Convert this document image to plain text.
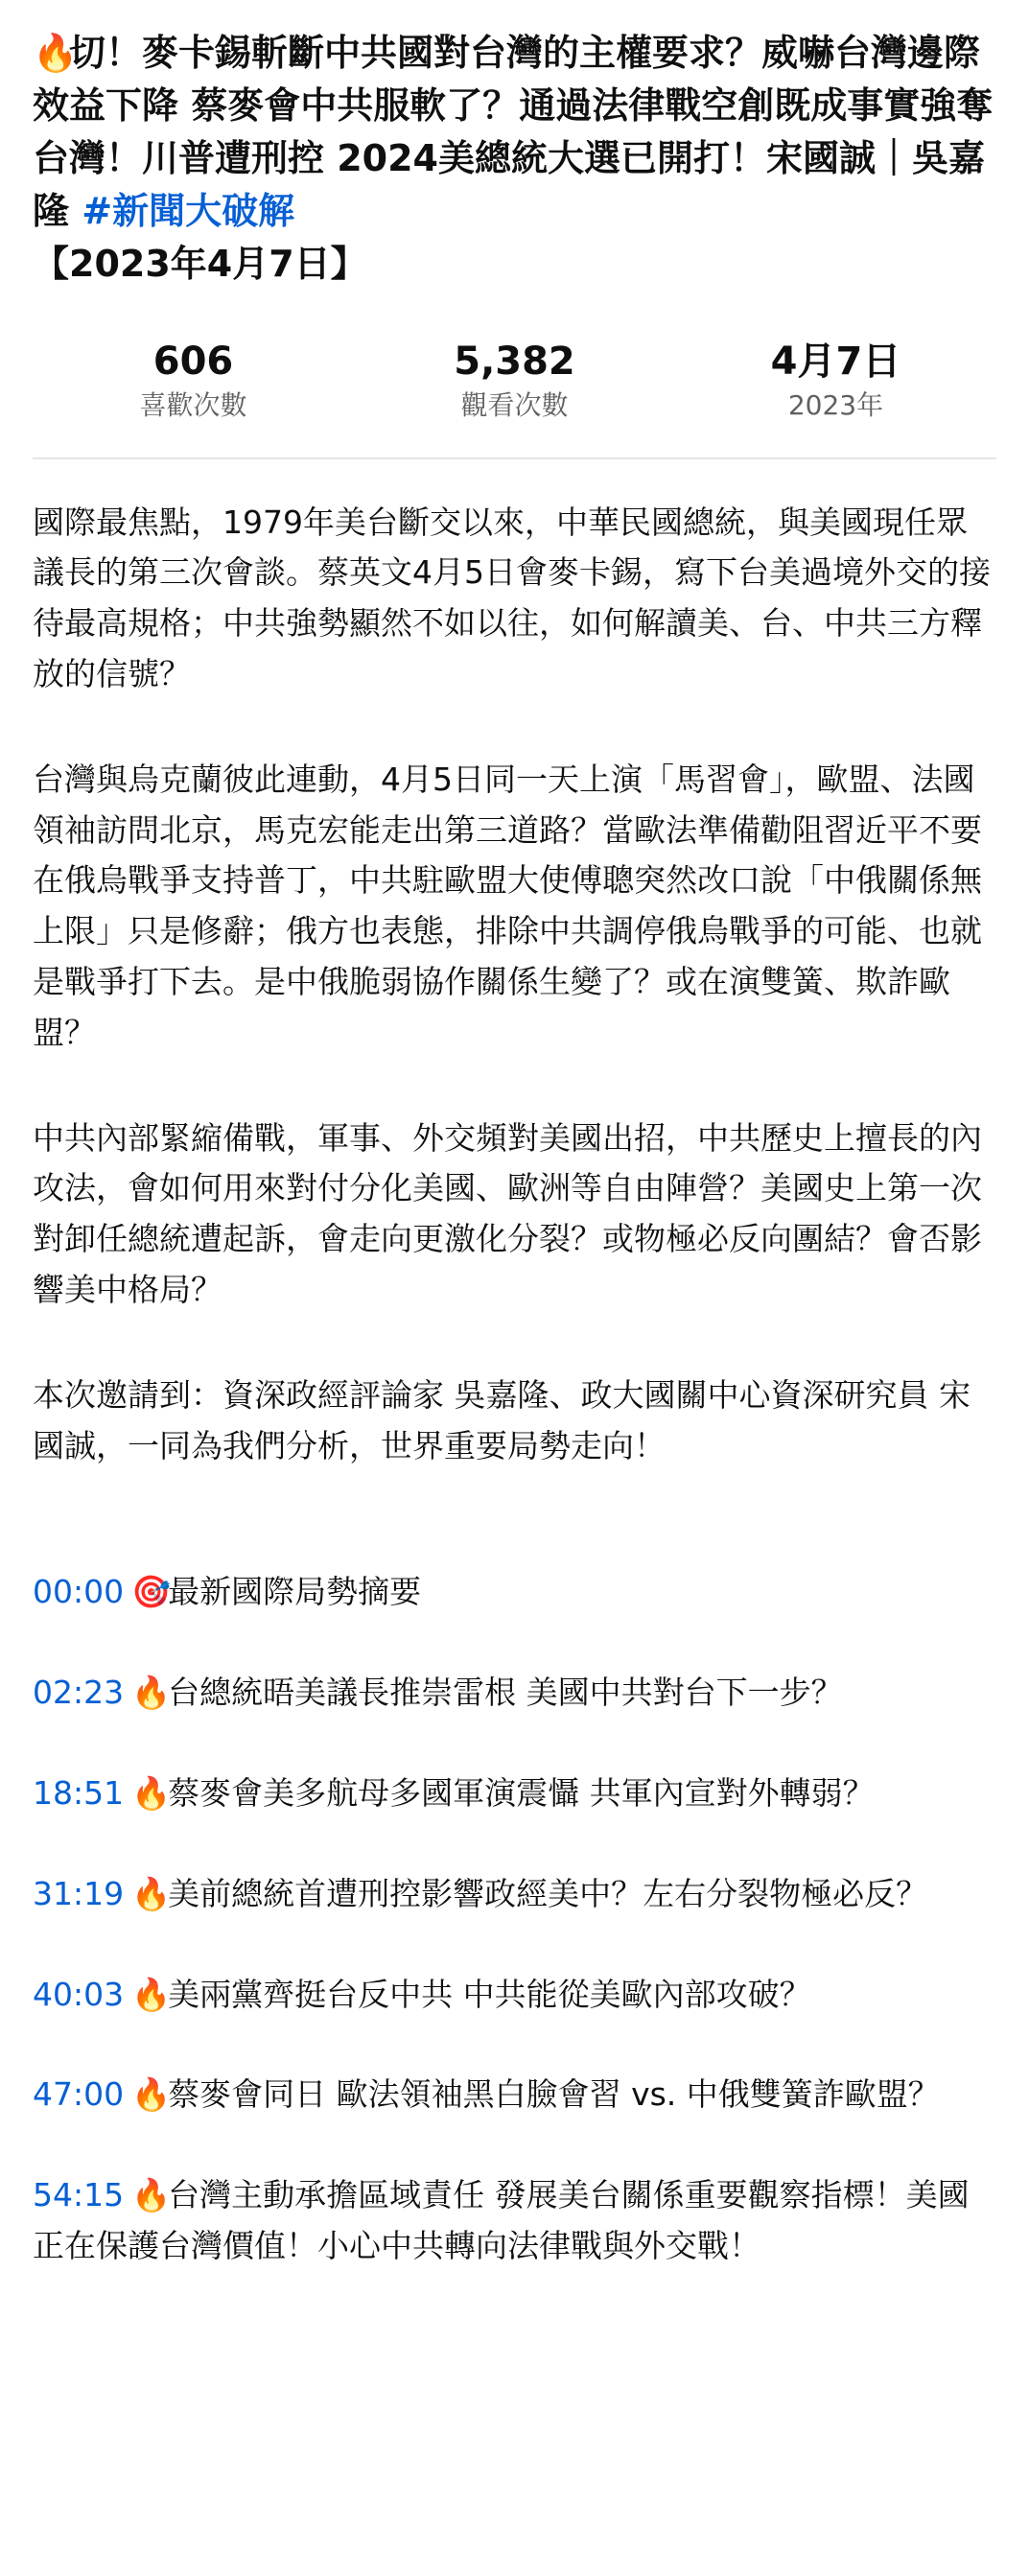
🔥切！麥卡錫斬斷中共國對台灣的主權要求？威嚇台灣邊際效益下降 蔡麥會中共服軟了？通過法律戰空創既成事實強奪台灣！川普遭刑控 2024美總統大選已開打！宋國誠｜吳嘉隆 #新聞大破解
【2023年4月7日】
606
喜歡次數
5,382
觀看次數
4月7日
2023年

國際最焦點，1979年美台斷交以來，中華民國總統，與美國現任眾議長的第三次會談。蔡英文4月5日會麥卡錫，寫下台美過境外交的接待最高規格；中共強勢顯然不如以往，如何解讀美、台、中共三方釋放的信號？

台灣與烏克蘭彼此連動，4月5日同一天上演「馬習會」，歐盟、法國領袖訪問北京，馬克宏能走出第三道路？當歐法準備勸阻習近平不要在俄烏戰爭支持普丁，中共駐歐盟大使傅聰突然改口說「中俄關係無上限」只是修辭；俄方也表態，排除中共調停俄烏戰爭的可能、也就是戰爭打下去。是中俄脆弱協作關係生變了？或在演雙簧、欺詐歐盟？

中共內部緊縮備戰，軍事、外交頻對美國出招，中共歷史上擅長的內攻法，會如何用來對付分化美國、歐洲等自由陣營？美國史上第一次對卸任總統遭起訴，會走向更激化分裂？或物極必反向團結？會否影響美中格局？

本次邀請到：資深政經評論家 吳嘉隆、政大國關中心資深研究員 宋國誠，一同為我們分析，世界重要局勢走向！

00:00 🎯最新國際局勢摘要
02:23 🔥台總統晤美議長推崇雷根 美國中共對台下一步？
18:51 🔥蔡麥會美多航母多國軍演震懾 共軍內宣對外轉弱？
31:19 🔥美前總統首遭刑控影響政經美中？左右分裂物極必反？
40:03 🔥美兩黨齊挺台反中共 中共能從美歐內部攻破？
47:00 🔥蔡麥會同日 歐法領袖黑白臉會習 vs. 中俄雙簧詐歐盟？
54:15 🔥台灣主動承擔區域責任 發展美台關係重要觀察指標！美國正在保護台灣價值！小心中共轉向法律戰與外交戰！
